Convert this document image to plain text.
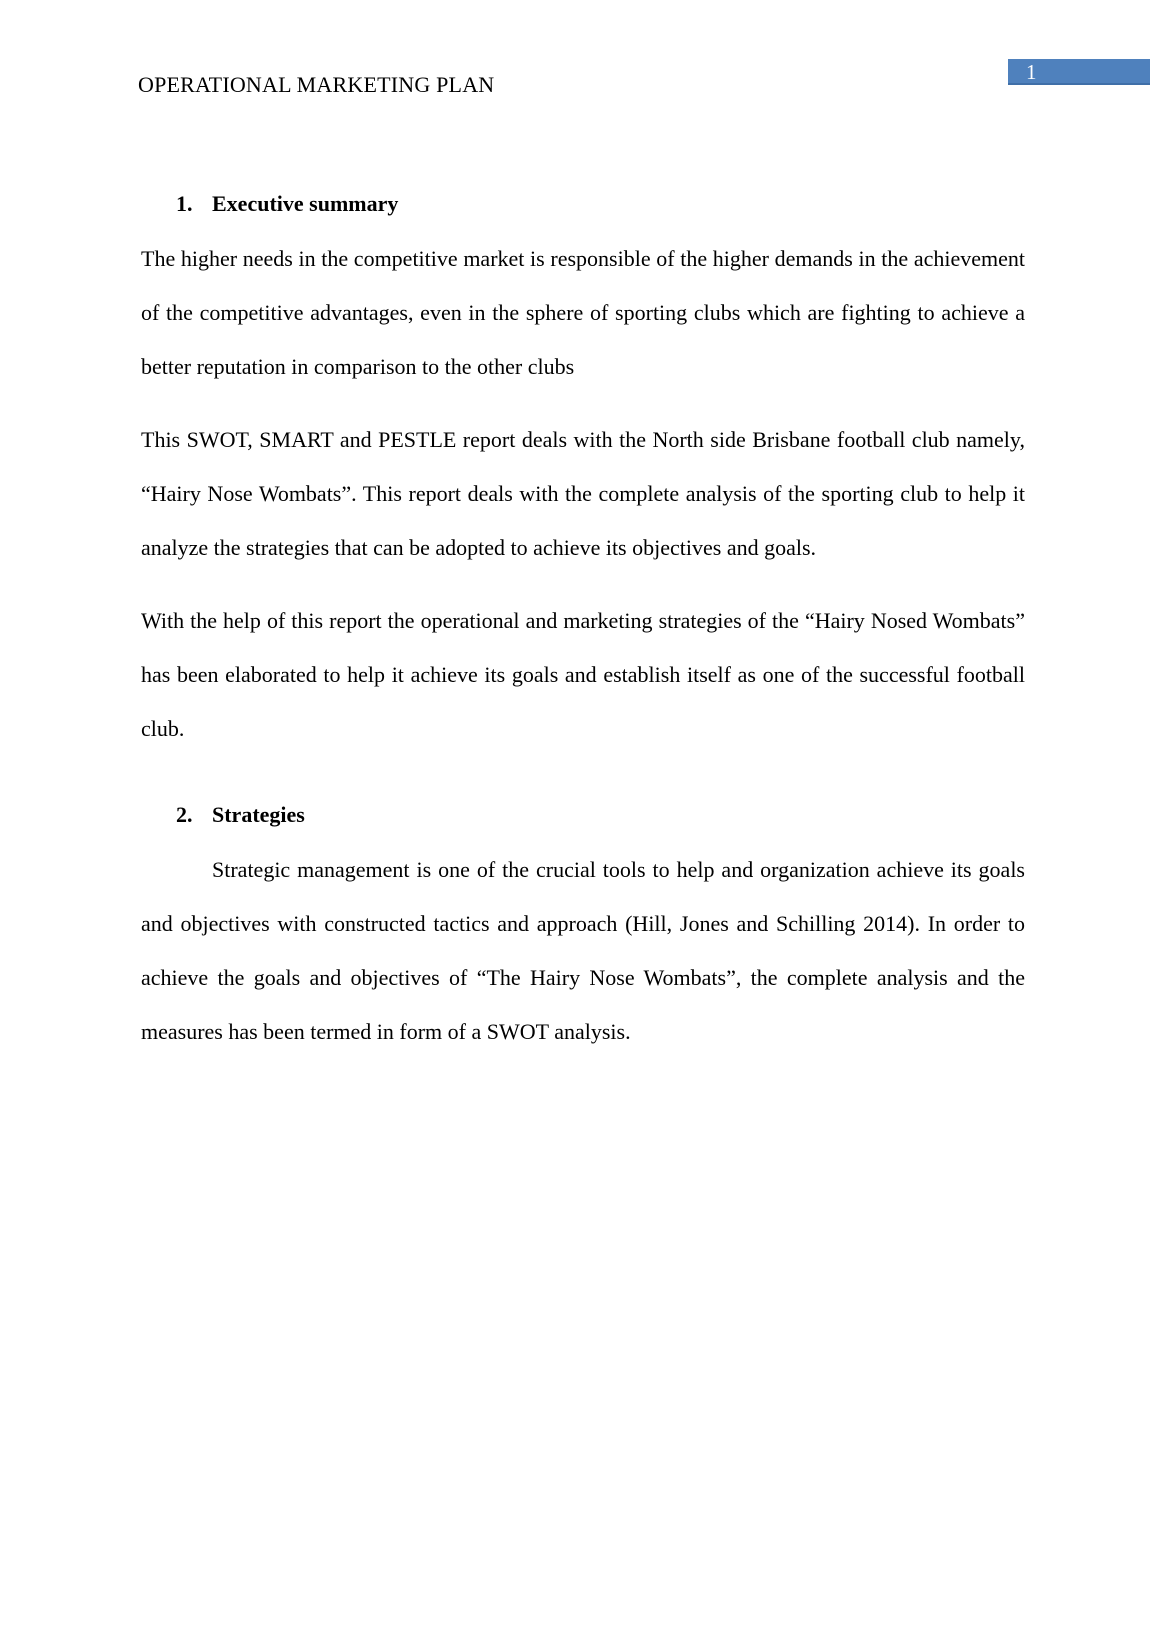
OPERATIONAL MARKETING PLAN	1
1. Executive summary

The higher needs in the competitive market is responsible of the higher demands in the achievement of the competitive advantages, even in the sphere of sporting clubs which are fighting to achieve a better reputation in comparison to the other clubs

This SWOT, SMART and PESTLE report deals with the North side Brisbane football club namely, “Hairy Nose Wombats”. This report deals with the complete analysis of the sporting club to help it analyze the strategies that can be adopted to achieve its objectives and goals.

With the help of this report the operational and marketing strategies of the “Hairy Nosed Wombats” has been elaborated to help it achieve its goals and establish itself as one of the successful football club.

2. Strategies

Strategic management is one of the crucial tools to help and organization achieve its goals and objectives with constructed tactics and approach (Hill, Jones and Schilling 2014). In order to achieve the goals and objectives of “The Hairy Nose Wombats”, the complete analysis and the measures has been termed in form of a SWOT analysis.
